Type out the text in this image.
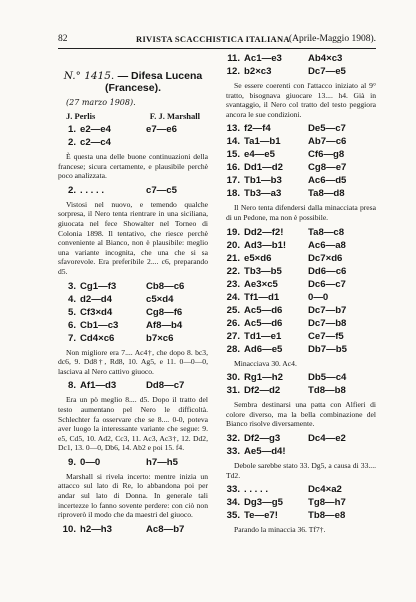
82	RIVISTA SCACCHISTICA ITALIANA (Aprile-Maggio 1908).
N.° 1415. — Difesa Lucena (Francese).
(27 marzo 1908).
J. Perlis	F. J. Marshall
1. e2—e4	e7—e6
2. c2—c4

È questa una delle buone continuazioni della francese; sicura certamente, e plausibile perchè poco analizzata.

2. . . . . .	c7—c5

Vistosi nel nuovo, e temendo qualche sorpresa, il Nero tenta rientrare in una siciliana, giuocata nel fece Showalter nel Torneo di Colonia 1898. Il tentativo, che riesce perchè conveniente al Bianco, non è plausibile: meglio una variante incognita, che una che si sa sfavorevole. Era preferibile 2.... c6, preparando d5.

3. Cg1—f3	Cb8—c6
4. d2—d4	c5×d4
5. Cf3×d4	Cg8—f6
6. Cb1—c3	Af8—b4
7. Cd4×c6	b7×c6

Non migliore era 7.... Ac4†, che dopo 8. bc3, dc6, 9. Dd8†, Rd8, 10. Ag5, e 11. 0—0—0, lasciava al Nero cattivo giuoco.

8. Af1—d3	Dd8—c7

Era un pò meglio 8.... d5. Dopo il tratto del testo aumentano pel Nero le difficoltà. Schlechter fa osservare che se 8.... 0-0, poteva aver luogo la interessante variante che segue: 9. e5, Cd5, 10. Ad2, Cc3, 11. Ac3, Ac3†, 12. Dd2, Dc1, 13. 0—0, Db6, 14. Ab2 e poi 15. f4.

9. 0—0	h7—h5

Marshall si rivela incerto: mentre inizia un attacco sul lato di Re, lo abbandona poi per andar sul lato di Donna. In generale tali incertezze lo fanno sovente perdere: con ciò non riproverò il modo che da maestri del giuoco.

10. h2—h3	Ac8—b7
11. Ac1—e3	Ab4×c3
12. b2×c3	Dc7—e5

Se essere coerenti con l'attacco iniziato al 9° tratto, bisognava giuocare 13.... h4. Già in svantaggio, il Nero col tratto del testo peggiora ancora le sue condizioni.

13. f2—f4	De5—c7
14. Ta1—b1	Ab7—c6
15. e4—e5	Cf6—g8
16. Dd1—d2	Cg8—e7
17. Tb1—b3	Ac6—d5
18. Tb3—a3	Ta8—d8

Il Nero tenta difendersi dalla minacciata presa di un Pedone, ma non è possibile.

19. Dd2—f2!	Ta8—c8
20. Ad3—b1!	Ac6—a8
21. e5×d6	Dc7×d6
22. Tb3—b5	Dd6—c6
23. Ae3×c5	Dc6—c7
24. Tf1—d1	0—0
25. Ac5—d6	Dc7—b7
26. Ac5—d6	Dc7—b8
27. Td1—e1	Ce7—f5
28. Ad6—e5	Db7—b5

Minacciava 30. Ac4.

30. Rg1—h2	Db5—c4
31. Df2—d2	Td8—b8

Sembra destinarsi una patta con Alfieri di colore diverso, ma la bella combinazione del Bianco risolve diversamente.

32. Df2—g3	Dc4—e2
33. Ae5—d4!

Debole sarebbe stato 33. Dg5, a causa di 33.... Td2.

33. . . . . .	Dc4×a2
34. Dg3—g5	Tg8—h7
35. Te—e7!	Tb8—e8

Parando la minaccia 36. Tf7†.
